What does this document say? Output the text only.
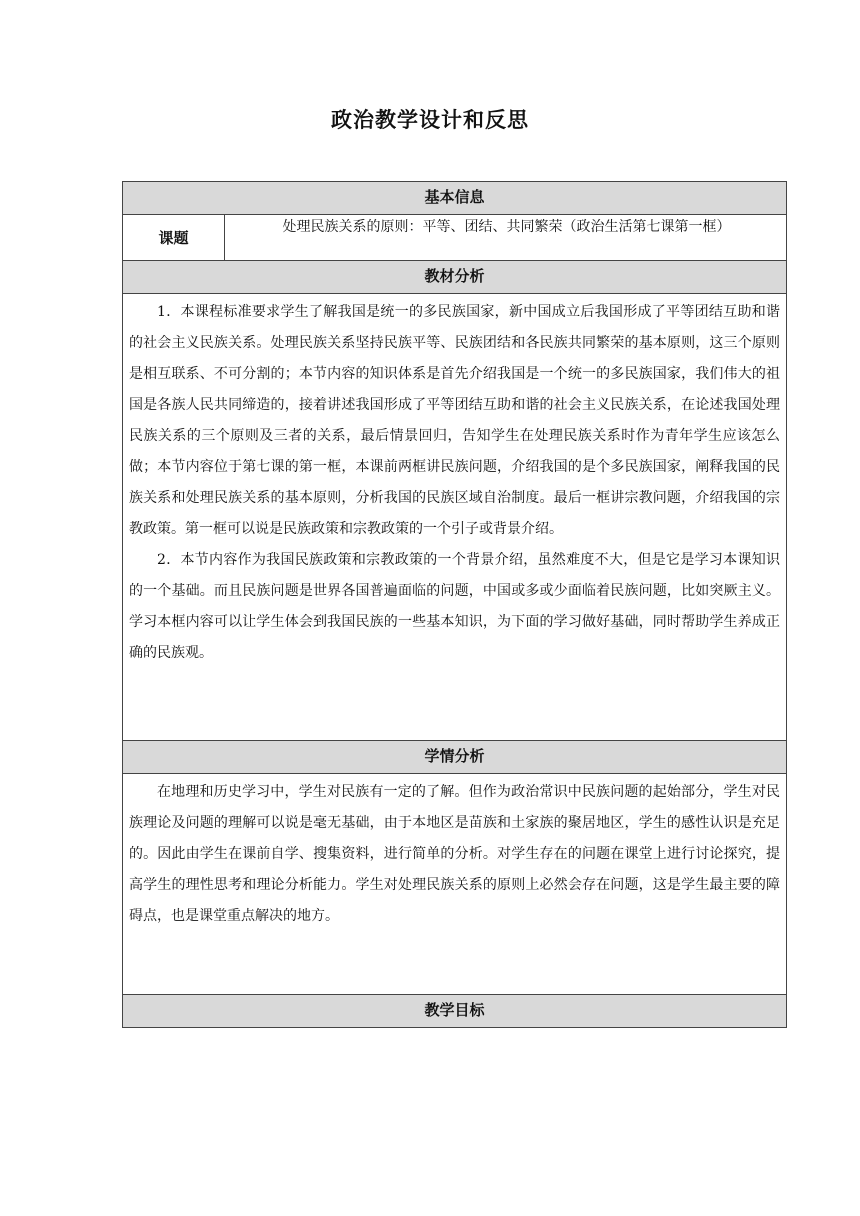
政治教学设计和反思
基本信息
课题	处理民族关系的原则：平等、团结、共同繁荣（政治生活第七课第一框）
教材分析

1．本课程标准要求学生了解我国是统一的多民族国家，新中国成立后我国形成了平等团结互助和谐的社会主义民族关系。处理民族关系坚持民族平等、民族团结和各民族共同繁荣的基本原则，这三个原则是相互联系、不可分割的；本节内容的知识体系是首先介绍我国是一个统一的多民族国家，我们伟大的祖国是各族人民共同缔造的，接着讲述我国形成了平等团结互助和谐的社会主义民族关系，在论述我国处理民族关系的三个原则及三者的关系，最后情景回归，告知学生在处理民族关系时作为青年学生应该怎么做；本节内容位于第七课的第一框，本课前两框讲民族问题，介绍我国的是个多民族国家，阐释我国的民族关系和处理民族关系的基本原则，分析我国的民族区域自治制度。最后一框讲宗教问题，介绍我国的宗教政策。第一框可以说是民族政策和宗教政策的一个引子或背景介绍。

2．本节内容作为我国民族政策和宗教政策的一个背景介绍，虽然难度不大，但是它是学习本课知识的一个基础。而且民族问题是世界各国普遍面临的问题，中国或多或少面临着民族问题，比如突厥主义。学习本框内容可以让学生体会到我国民族的一些基本知识，为下面的学习做好基础，同时帮助学生养成正确的民族观。

学情分析

在地理和历史学习中，学生对民族有一定的了解。但作为政治常识中民族问题的起始部分，学生对民族理论及问题的理解可以说是毫无基础，由于本地区是苗族和土家族的聚居地区，学生的感性认识是充足的。因此由学生在课前自学、搜集资料，进行简单的分析。对学生存在的问题在课堂上进行讨论探究，提高学生的理性思考和理论分析能力。学生对处理民族关系的原则上必然会存在问题，这是学生最主要的障碍点，也是课堂重点解决的地方。

教学目标
